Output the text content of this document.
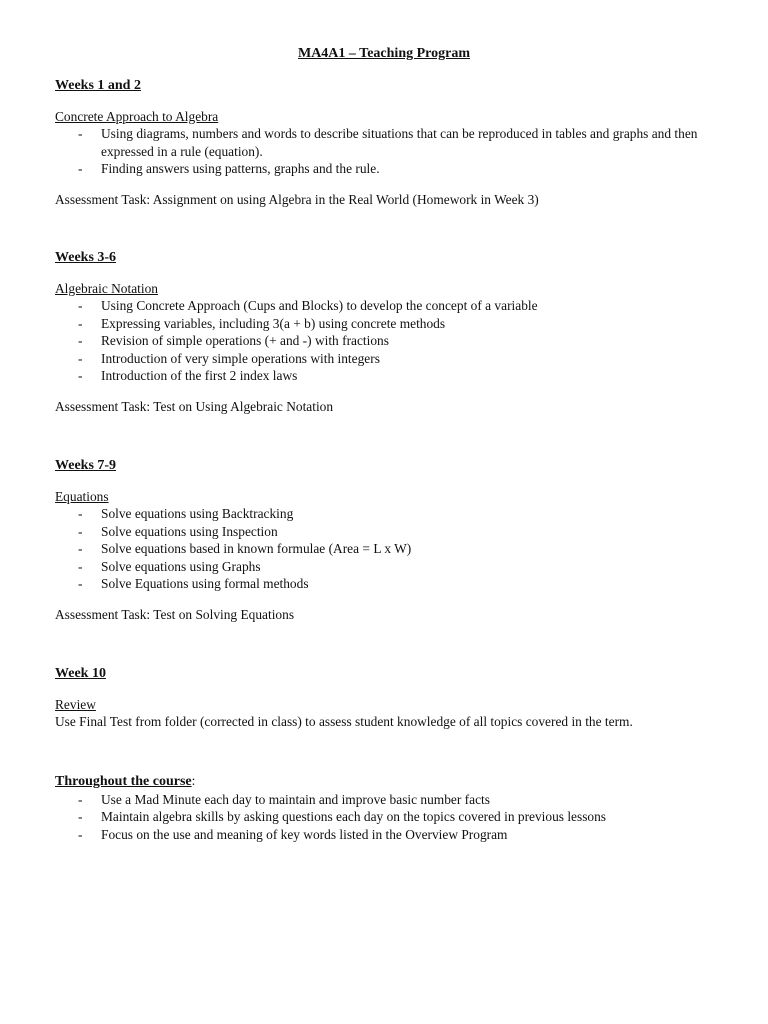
MA4A1 – Teaching Program

Weeks 1 and 2

Concrete Approach to Algebra

- Using diagrams, numbers and words to describe situations that can be reproduced in tables and graphs and then expressed in a rule (equation).
- Finding answers using patterns, graphs and the rule.

Assessment Task: Assignment on using Algebra in the Real World (Homework in Week 3)

Weeks 3-6

Algebraic Notation

- Using Concrete Approach (Cups and Blocks) to develop the concept of a variable
- Expressing variables, including 3(a + b) using concrete methods
- Revision of simple operations (+ and -) with fractions
- Introduction of very simple operations with integers
- Introduction of the first 2 index laws

Assessment Task: Test on Using Algebraic Notation

Weeks 7-9

Equations

- Solve equations using Backtracking
- Solve equations using Inspection
- Solve equations based in known formulae (Area = L x W)
- Solve equations using Graphs
- Solve Equations using formal methods

Assessment Task: Test on Solving Equations

Week 10

Review

Use Final Test from folder (corrected in class) to assess student knowledge of all topics covered in the term.

Throughout the course:

- Use a Mad Minute each day to maintain and improve basic number facts
- Maintain algebra skills by asking questions each day on the topics covered in previous lessons
- Focus on the use and meaning of key words listed in the Overview Program
